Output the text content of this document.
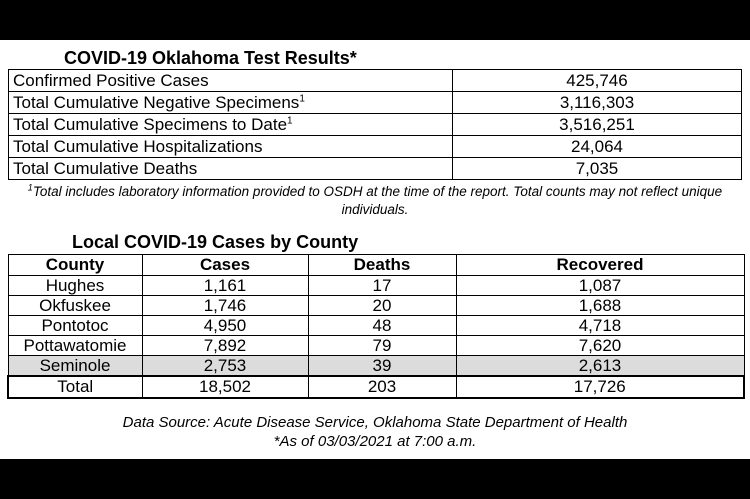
COVID-19 Oklahoma Test Results*
Confirmed Positive Cases	425,746
Total Cumulative Negative Specimens$^1$	3,116,303
Total Cumulative Specimens to Date$^1$	3,516,251
Total Cumulative Hospitalizations	24,064
Total Cumulative Deaths	7,035
$^1$Total includes laboratory information provided to OSDH at the time of the report. Total counts may not reflect unique individuals.
Local COVID-19 Cases by County
County	Cases	Deaths	Recovered
Hughes	1,161	17	1,087
Okfuskee	1,746	20	1,688
Pontotoc	4,950	48	4,718
Pottawatomie	7,892	79	7,620
Seminole	2,753	39	2,613
Total	18,502	203	17,726
Data Source: Acute Disease Service, Oklahoma State Department of Health
*As of 03/03/2021 at 7:00 a.m.
